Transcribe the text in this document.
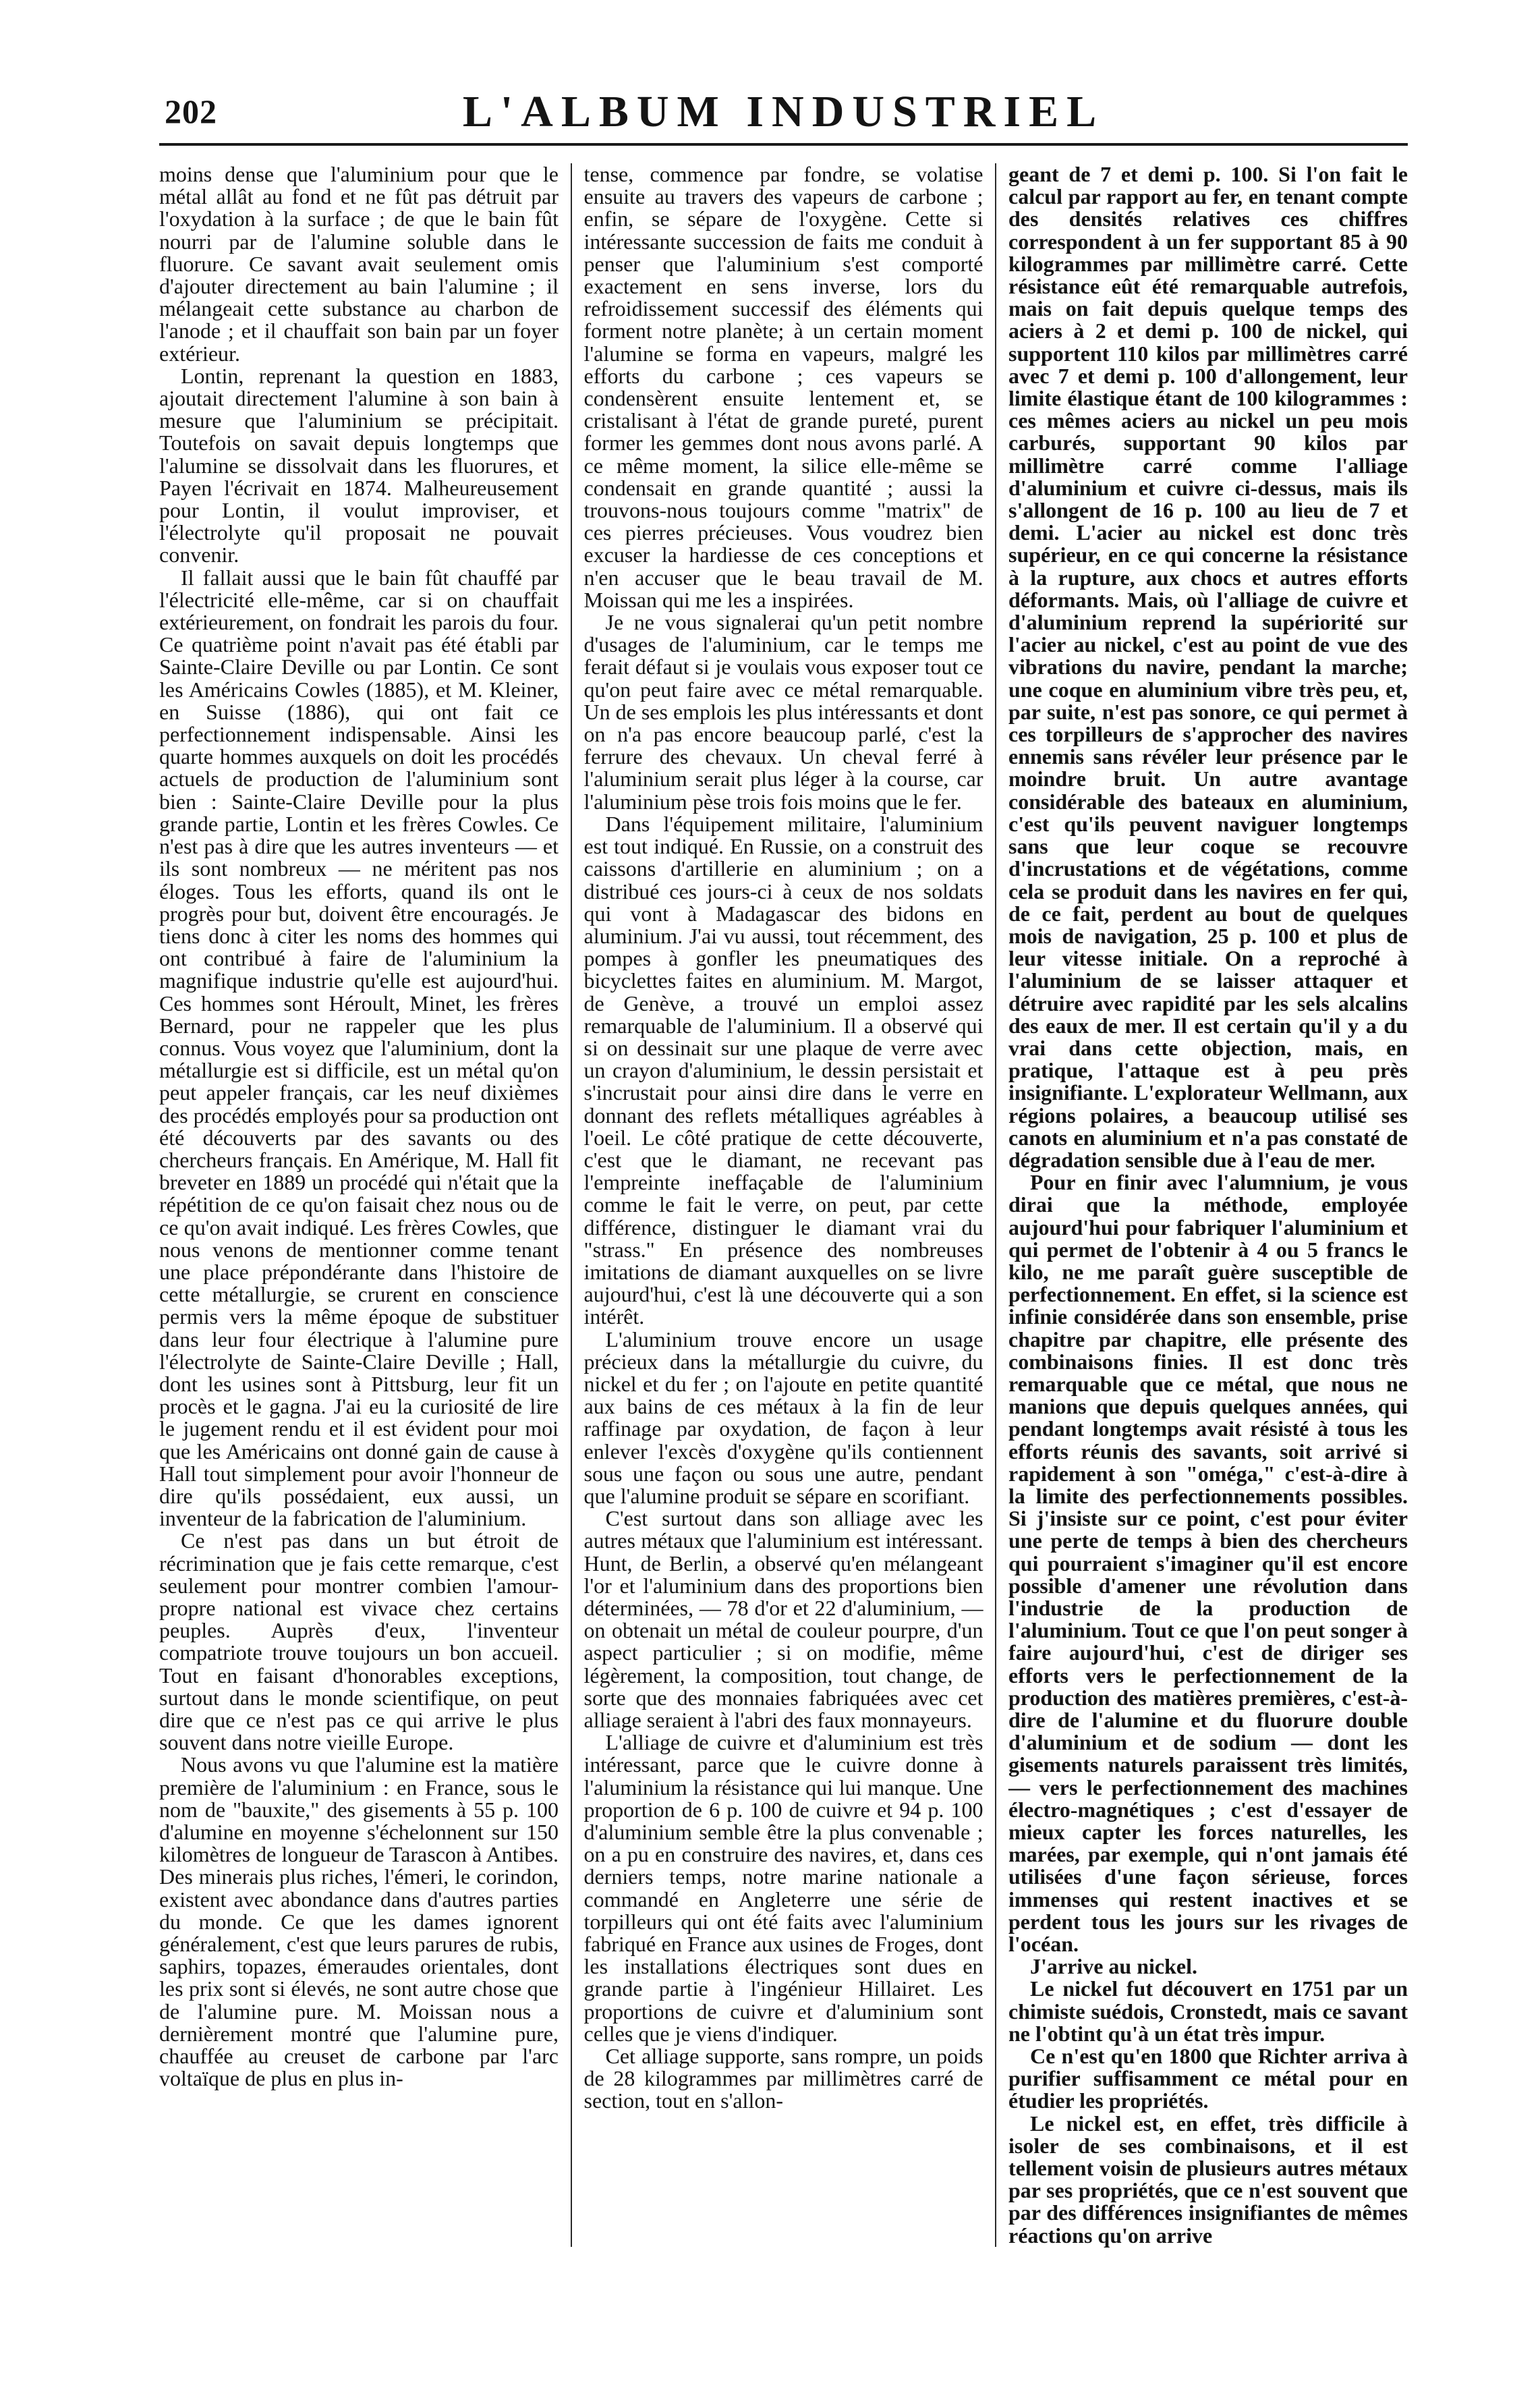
202	L'ALBUM INDUSTRIEL

moins dense que l'aluminium pour que le métal allât au fond et ne fût pas détruit par l'oxydation à la surface ; de que le bain fût nourri par de l'alumine soluble dans le fluorure. Ce savant avait seulement omis d'ajouter directement au bain l'alumine ; il mélangeait cette substance au charbon de l'anode ; et il chauffait son bain par un foyer extérieur.

Lontin, reprenant la question en 1883, ajoutait directement l'alumine à son bain à mesure que l'aluminium se précipitait. Toutefois on savait depuis longtemps que l'alumine se dissolvait dans les fluorures, et Payen l'écrivait en 1874. Malheureusement pour Lontin, il voulut improviser, et l'électrolyte qu'il proposait ne pouvait convenir.

Il fallait aussi que le bain fût chauffé par l'électricité elle-même, car si on chauffait extérieurement, on fondrait les parois du four. Ce quatrième point n'avait pas été établi par Sainte-Claire Deville ou par Lontin. Ce sont les Américains Cowles (1885), et M. Kleiner, en Suisse (1886), qui ont fait ce perfectionnement indispensable. Ainsi les quarte hommes auxquels on doit les procédés actuels de production de l'aluminium sont bien : Sainte-Claire Deville pour la plus grande partie, Lontin et les frères Cowles. Ce n'est pas à dire que les autres inventeurs — et ils sont nombreux — ne méritent pas nos éloges. Tous les efforts, quand ils ont le progrès pour but, doivent être encouragés. Je tiens donc à citer les noms des hommes qui ont contribué à faire de l'aluminium la magnifique industrie qu'elle est aujourd'hui. Ces hommes sont Héroult, Minet, les frères Bernard, pour ne rappeler que les plus connus. Vous voyez que l'aluminium, dont la métallurgie est si difficile, est un métal qu'on peut appeler français, car les neuf dixièmes des procédés employés pour sa production ont été découverts par des savants ou des chercheurs français. En Amérique, M. Hall fit breveter en 1889 un procédé qui n'était que la répétition de ce qu'on faisait chez nous ou de ce qu'on avait indiqué. Les frères Cowles, que nous venons de mentionner comme tenant une place prépondérante dans l'histoire de cette métallurgie, se crurent en conscience permis vers la même époque de substituer dans leur four électrique à l'alumine pure l'électrolyte de Sainte-Claire Deville ; Hall, dont les usines sont à Pittsburg, leur fit un procès et le gagna. J'ai eu la curiosité de lire le jugement rendu et il est évident pour moi que les Américains ont donné gain de cause à Hall tout simplement pour avoir l'honneur de dire qu'ils possédaient, eux aussi, un inventeur de la fabrication de l'aluminium.

Ce n'est pas dans un but étroit de récrimination que je fais cette remarque, c'est seulement pour montrer combien l'amour-propre national est vivace chez certains peuples. Auprès d'eux, l'inventeur compatriote trouve toujours un bon accueil. Tout en faisant d'honorables exceptions, surtout dans le monde scientifique, on peut dire que ce n'est pas ce qui arrive le plus souvent dans notre vieille Europe.

Nous avons vu que l'alumine est la matière première de l'aluminium : en France, sous le nom de "bauxite," des gisements à 55 p. 100 d'alumine en moyenne s'échelonnent sur 150 kilomètres de longueur de Tarascon à Antibes. Des minerais plus riches, l'émeri, le corindon, existent avec abondance dans d'autres parties du monde. Ce que les dames ignorent généralement, c'est que leurs parures de rubis, saphirs, topazes, émeraudes orientales, dont les prix sont si élevés, ne sont autre chose que de l'alumine pure. M. Moissan nous a dernièrement montré que l'alumine pure, chauffée au creuset de carbone par l'arc voltaïque de plus en plus in-

tense, commence par fondre, se volatise ensuite au travers des vapeurs de carbone ; enfin, se sépare de l'oxygène. Cette si intéressante succession de faits me conduit à penser que l'aluminium s'est comporté exactement en sens inverse, lors du refroidissement successif des éléments qui forment notre planète; à un certain moment l'alumine se forma en vapeurs, malgré les efforts du carbone ; ces vapeurs se condensèrent ensuite lentement et, se cristalisant à l'état de grande pureté, purent former les gemmes dont nous avons parlé. A ce même moment, la silice elle-même se condensait en grande quantité ; aussi la trouvons-nous toujours comme "matrix" de ces pierres précieuses. Vous voudrez bien excuser la hardiesse de ces conceptions et n'en accuser que le beau travail de M. Moissan qui me les a inspirées.

Je ne vous signalerai qu'un petit nombre d'usages de l'aluminium, car le temps me ferait défaut si je voulais vous exposer tout ce qu'on peut faire avec ce métal remarquable. Un de ses emplois les plus intéressants et dont on n'a pas encore beaucoup parlé, c'est la ferrure des chevaux. Un cheval ferré à l'aluminium serait plus léger à la course, car l'aluminium pèse trois fois moins que le fer.

Dans l'équipement militaire, l'aluminium est tout indiqué. En Russie, on a construit des caissons d'artillerie en aluminium ; on a distribué ces jours-ci à ceux de nos soldats qui vont à Madagascar des bidons en aluminium. J'ai vu aussi, tout récemment, des pompes à gonfler les pneumatiques des bicyclettes faites en aluminium. M. Margot, de Genève, a trouvé un emploi assez remarquable de l'aluminium. Il a observé qui si on dessinait sur une plaque de verre avec un crayon d'aluminium, le dessin persistait et s'incrustait pour ainsi dire dans le verre en donnant des reflets métalliques agréables à l'oeil. Le côté pratique de cette découverte, c'est que le diamant, ne recevant pas l'empreinte ineffaçable de l'aluminium comme le fait le verre, on peut, par cette différence, distinguer le diamant vrai du "strass." En présence des nombreuses imitations de diamant auxquelles on se livre aujourd'hui, c'est là une découverte qui a son intérêt.

L'aluminium trouve encore un usage précieux dans la métallurgie du cuivre, du nickel et du fer ; on l'ajoute en petite quantité aux bains de ces métaux à la fin de leur raffinage par oxydation, de façon à leur enlever l'excès d'oxygène qu'ils contiennent sous une façon ou sous une autre, pendant que l'alumine produit se sépare en scorifiant.

C'est surtout dans son alliage avec les autres métaux que l'aluminium est intéressant. Hunt, de Berlin, a observé qu'en mélangeant l'or et l'aluminium dans des proportions bien déterminées, — 78 d'or et 22 d'aluminium, — on obtenait un métal de couleur pourpre, d'un aspect particulier ; si on modifie, même légèrement, la composition, tout change, de sorte que des monnaies fabriquées avec cet alliage seraient à l'abri des faux monnayeurs.

L'alliage de cuivre et d'aluminium est très intéressant, parce que le cuivre donne à l'aluminium la résistance qui lui manque. Une proportion de 6 p. 100 de cuivre et 94 p. 100 d'aluminium semble être la plus convenable ; on a pu en construire des navires, et, dans ces derniers temps, notre marine nationale a commandé en Angleterre une série de torpilleurs qui ont été faits avec l'aluminium fabriqué en France aux usines de Froges, dont les installations électriques sont dues en grande partie à l'ingénieur Hillairet. Les proportions de cuivre et d'aluminium sont celles que je viens d'indiquer.

Cet alliage supporte, sans rompre, un poids de 28 kilogrammes par millimètres carré de section, tout en s'allon-

geant de 7 et demi p. 100. Si l'on fait le calcul par rapport au fer, en tenant compte des densités relatives ces chiffres correspondent à un fer supportant 85 à 90 kilogrammes par millimètre carré. Cette résistance eût été remarquable autrefois, mais on fait depuis quelque temps des aciers à 2 et demi p. 100 de nickel, qui supportent 110 kilos par millimètres carré avec 7 et demi p. 100 d'allongement, leur limite élastique étant de 100 kilogrammes : ces mêmes aciers au nickel un peu mois carburés, supportant 90 kilos par millimètre carré comme l'alliage d'aluminium et cuivre ci-dessus, mais ils s'allongent de 16 p. 100 au lieu de 7 et demi. L'acier au nickel est donc très supérieur, en ce qui concerne la résistance à la rupture, aux chocs et autres efforts déformants. Mais, où l'alliage de cuivre et d'aluminium reprend la supériorité sur l'acier au nickel, c'est au point de vue des vibrations du navire, pendant la marche; une coque en aluminium vibre très peu, et, par suite, n'est pas sonore, ce qui permet à ces torpilleurs de s'approcher des navires ennemis sans révéler leur présence par le moindre bruit. Un autre avantage considérable des bateaux en aluminium, c'est qu'ils peuvent naviguer longtemps sans que leur coque se recouvre d'incrustations et de végétations, comme cela se produit dans les navires en fer qui, de ce fait, perdent au bout de quelques mois de navigation, 25 p. 100 et plus de leur vitesse initiale. On a reproché à l'aluminium de se laisser attaquer et détruire avec rapidité par les sels alcalins des eaux de mer. Il est certain qu'il y a du vrai dans cette objection, mais, en pratique, l'attaque est à peu près insignifiante. L'explorateur Wellmann, aux régions polaires, a beaucoup utilisé ses canots en aluminium et n'a pas constaté de dégradation sensible due à l'eau de mer.

Pour en finir avec l'alumnium, je vous dirai que la méthode, employée aujourd'hui pour fabriquer l'aluminium et qui permet de l'obtenir à 4 ou 5 francs le kilo, ne me paraît guère susceptible de perfectionnement. En effet, si la science est infinie considérée dans son ensemble, prise chapitre par chapitre, elle présente des combinaisons finies. Il est donc très remarquable que ce métal, que nous ne manions que depuis quelques années, qui pendant longtemps avait résisté à tous les efforts réunis des savants, soit arrivé si rapidement à son "oméga," c'est-à-dire à la limite des perfectionnements possibles. Si j'insiste sur ce point, c'est pour éviter une perte de temps à bien des chercheurs qui pourraient s'imaginer qu'il est encore possible d'amener une révolution dans l'industrie de la production de l'aluminium. Tout ce que l'on peut songer à faire aujourd'hui, c'est de diriger ses efforts vers le perfectionnement de la production des matières premières, c'est-à-dire de l'alumine et du fluorure double d'aluminium et de sodium — dont les gisements naturels paraissent très limités, — vers le perfectionnement des machines électro-magnétiques ; c'est d'essayer de mieux capter les forces naturelles, les marées, par exemple, qui n'ont jamais été utilisées d'une façon sérieuse, forces immenses qui restent inactives et se perdent tous les jours sur les rivages de l'océan.

J'arrive au nickel.

Le nickel fut découvert en 1751 par un chimiste suédois, Cronstedt, mais ce savant ne l'obtint qu'à un état très impur.

Ce n'est qu'en 1800 que Richter arriva à purifier suffisamment ce métal pour en étudier les propriétés.

Le nickel est, en effet, très difficile à isoler de ses combinaisons, et il est tellement voisin de plusieurs autres métaux par ses propriétés, que ce n'est souvent que par des différences insignifiantes de mêmes réactions qu'on arrive
